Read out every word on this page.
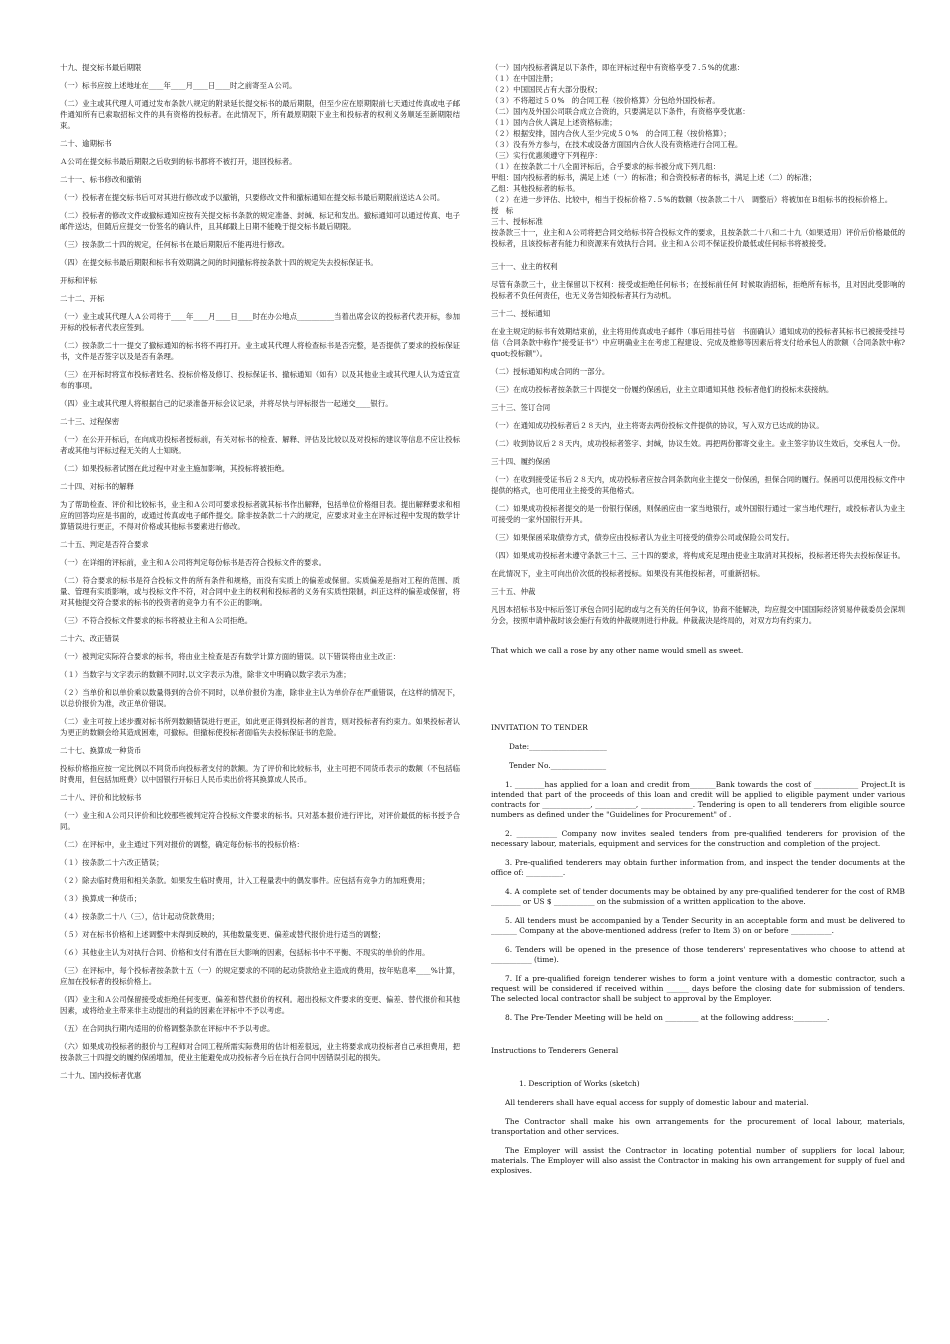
十九、提交标书最后期限

（一）标书应按上述地址在____年____月____日____时之前寄至Ａ公司。

（二）业主或其代理人可通过发布条款八规定的附录延长提交标书的最后期限，但至少应在原期限前七天通过传真或电子邮件通知所有已索取招标文件的具有资格的投标者。在此情况下，所有最原期限下业主和投标者的权利义务顺延至新期限结束。

二十、逾期标书

Ａ公司在提交标书最后期限之后收到的标书都将不被打开，退回投标者。

二十一、标书修改和撤销

（一）投标者在提交标书后可对其进行修改或予以撤销，只要修改文件和撤标通知在提交标书最后期限前送达Ａ公司。

（二）投标者的修改文件或撤标通知应按有关提交标书条款的规定准备、封缄、标记和发出。撤标通知可以通过传真、电子邮件送达，但随后应提交一份签名的确认件，且其邮戳上日期不能晚于提交标书最后期限。

（三）按条款二十四的规定，任何标书在最后期限后不能再进行修改。

（四）在提交标书最后期限和标书有效期满之间的时间撤标将按条款十四的规定失去投标保证书。

开标和评标

二十二、开标

（一）业主或其代理人Ａ公司将于____年____月____日____时在办公地点__________当着出席会议的投标者代表开标，参加开标的投标者代表应签到。

（二）按条款二十一提交了撤标通知的标书将不再打开。业主或其代理人将检查标书是否完整，是否提供了要求的投标保证书，文件是否签字以及是否有条理。

（三）在开标时将宣布投标者姓名、投标价格及修订、投标保证书、撤标通知（如有）以及其他业主或其代理人认为适宜宣布的事项。

（四）业主或其代理人将根据自己的记录准备开标会议记录，并将尽快与评标报告一起递交____银行。

二十三、过程保密

（一）在公开开标后，在向成功投标者授标前，有关对标书的检查、解释、评估及比较以及对投标的建议等信息不应让投标者或其他与评标过程无关的人士知晓。

（二）如果投标者试图在此过程中对业主施加影响，其投标将被拒绝。

二十四、对标书的解释

为了帮助检查、评价和比较标书，业主和Ａ公司可要求投标者就其标书作出解释，包括单位价格细目表。提出解释要求和相应的回答均应是书面的，或通过传真或电子邮件提交。除非按条款二十六的规定，应要求对业主在评标过程中发现的数学计算错误进行更正，不得对价格或其他标书要素进行修改。

二十五、判定是否符合要求

（一）在详细的评标前，业主和Ａ公司将判定每份标书是否符合投标文件的要求。

（二）符合要求的标书是符合投标文件的所有条件和规格，而没有实质上的偏差或保留。实质偏差是指对工程的范围、质量、管理有实质影响，或与投标文件不符，对合同中业主的权利和投标者的义务有实质性限制，纠正这样的偏差或保留，将对其他提交符合要求的标书的投资者的竞争力有不公正的影响。

（三）不符合投标文件要求的标书将被业主和Ａ公司拒绝。

二十六、改正错误

（一）被判定实际符合要求的标书，将由业主检查是否有数学计算方面的错误。以下错误将由业主改正：

（１）当数字与文字表示的数额不同时,以文字表示为准，除非文中明确以数字表示为准；

（２）当单价和以单价乘以数量得到的合价不同时，以单价报价为准，除非业主认为单价存在严重错误，在这样的情况下，以总价报价为准，改正单价错误。

（二）业主可按上述步骤对标书所列数额错误进行更正，如此更正得到投标者的首肯，则对投标者有约束力。如果投标者认为更正的数额会给其造成困难，可撤标。但撤标使投标者面临失去投标保证书的危险。

二十七、换算成一种货币

投标价格指应按一定比例以不同货币向投标者支付的款额。为了评价和比较标书，业主可把不同货币表示的数额（不包括临时费用，但包括加班费）以中国银行开标日人民币卖出价将其换算成人民币。

二十八、评价和比较标书

（一）业主和Ａ公司只评价和比较那些被判定符合投标文件要求的标书。只对基本报价进行评比，对评价最低的标书授予合同。

（二）在评标中，业主通过下列对报价的调整，确定每份标书的投标价格：

（１）按条款二十六改正错误；

（２）除去临时费用和相关条款。如果发生临时费用，计入工程量表中的偶发事件。应包括有竞争力的加班费用；

（３）换算成一种货币；

（４）按条款二十八（三），估计起动贷款费用；

（５）对在标书价格和上述调整中未得到反映的，其他数量变更、偏差或替代报价进行适当的调整；

（６）其他业主认为对执行合同、价格和支付有潜在巨大影响的因素，包括标书中不平衡、不现实的单价的作用。

（三）在评标中，每个投标者按条款十五（一）的规定要求的不同的起动贷款给业主造成的费用，按年贴息率____%计算，应加在投标者的投标价格上。

（四）业主和Ａ公司保留接受或拒绝任何变更、偏差和替代报价的权利。超出投标文件要求的变更、偏差、替代报价和其他因素，或将给业主带来非主动提出的利益的因素在评标中不予以考虑。

（五）在合同执行期内适用的价格调整条款在评标中不予以考虑。

（六）如果成功投标者的报价与工程师对合同工程所需实际费用的估计相差很远，业主将要求成功投标者自己承担费用，把按条款三十四提交的履约保函增加，使业主能避免成功投标者今后在执行合同中因错误引起的损失。

二十九、国内投标者优惠

（一）国内投标者满足以下条件，即在评标过程中有资格享受７.５%的优惠：

（１）在中国注册；

（２）中国国民占有大部分股权；

（３）不将超过５０%　的合同工程（按价格算）分包给外国投标者。

（二）国内及外国公司联合成立合资的，只要满足以下条件，有资格享受优惠：

（１）国内合伙人满足上述资格标准；

（２）根据安排，国内合伙人至少完成５０%　的合同工程（按价格算）；

（３）没有外方参与，在技术或设备方面国内合伙人没有资格进行合同工程。

（三）实行优惠须遵守下列程序：

（１）在按条款二十八全面评标后，合乎要求的标书被分成下列几组：

甲组：国内投标者的标书，满足上述（一）的标准；和合资投标者的标书，满足上述（二）的标准；

乙组：其他投标者的标书。

（２）在进一步评估、比较中，相当于投标价格７.５%的数额（按条款二十八　调整后）将被加在Ｂ组标书的投标价格上。

授　标

三十、授标标准

按条款三十一，业主和Ａ公司将把合同交给标书符合投标文件的要求，且按条款二十八和二十九（如果适用）评价后价格最低的投标者，且该投标者有能力和资源来有效执行合同。业主和Ａ公司不保证投价最低或任何标书将被接受。

三十一、业主的权利

尽管有条款三十，业主保留以下权利：接受或拒绝任何标书；在授标前任何 时候取消招标，拒绝所有标书，且对因此受影响的投标者不负任何责任，也无义务告知投标者其行为动机。

三十二、授标通知

在业主规定的标书有效期结束前，业主将用传真或电子邮件（事后用挂号信　书面确认）通知成功的投标者其标书已被接受挂号信（合同条款中称作"接受证书"）中应明确业主在考虑工程建设、完成及维修等因素后将支付给承包人的款额（合同条款中称?quot;投标额"）。

（二）授标通知构成合同的一部分。

（三）在成功投标者按条款三十四提交一份履约保函后，业主立即通知其他 投标者他们的投标未获接纳。

三十三、签订合同

（一）在通知成功投标者后２８天内，业主将寄去两份投标文件提供的协议，写入双方已达成的协议。

（二）收到协议后２８天内，成功投标者签字、封缄，协议生效。再把两份都寄交业主。业主签字协议生效后，交承包人一份。

三十四、履约保函

（一）在收到接受证书后２８天内，成功投标者应按合同条款向业主提交一份保函，担保合同的履行。保函可以使用投标文件中提供的格式，也可使用业主接受的其他格式。

（二）如果成功投标者提交的是一份银行保函，则保函应由一家当地银行，或外国银行通过一家当地代理行，或投标者认为业主可接受的一家外国银行开具。

（三）如果保函采取债券方式，债券应由投标者认为业主可接受的债券公司或保险公司发行。

（四）如果成功投标者未遵守条款三十三、三十四的要求，将构成充足理由使业主取消对其投标，投标者还将失去投标保证书。

在此情况下，业主可向出价次低的投标者授标。如果没有其他投标者，可重新招标。

三十五、仲裁

凡因本招标书及中标后签订承包合同引起的或与之有关的任何争议，协商不能解决，均应提交中国国际经济贸易仲裁委员会深圳分会，按照申请仲裁时该会施行有效的仲裁规则进行仲裁。仲裁裁决是终局的，对双方均有约束力。

That which we call a rose by any other name would smell as sweet.

INVITATION TO TENDER

Date:_____________________

Tender No._______________

1. ________has applied for a loan and credit from_______Bank towards the cost of ____________ Project.It is intended that part of the proceeds of this loan and credit will be applied to eligible payment under various contracts for _____________, ___________, ______________. Tendering is open to all tenderers from eligible source numbers as defined under the "Guidelines for Procurement" of .

2. ___________ Company now invites sealed tenders from pre-qualified tenderers for provision of the necessary labour, materials, equipment and services for the construction and completion of the project.

3. Pre-qualified tenderers may obtain further information from, and inspect the tender documents at the office of: __________.

4. A complete set of tender documents may be obtained by any pre-qualified tenderer for the cost of RMB ________ or US $ ___________ on the submission of a written application to the above.

5. All tenders must be accompanied by a Tender Security in an acceptable form and must be delivered to _______ Company at the above-mentioned address (refer to Item 3) on or before ___________.

6. Tenders will be opened in the presence of those tenderers' representatives who choose to attend at ___________ (time).

7. If a pre-qualified foreign tenderer wishes to form a joint venture with a domestic contractor, such a request will be considered if received within ______ days before the closing date for submission of tenders. The selected local contractor shall be subject to approval by the Employer.

8. The Pre-Tender Meeting will be held on _________ at the following address:_________.

Instructions to Tenderers General

1. Description of Works (sketch)

All tenderers shall have equal access for supply of domestic labour and material.

The Contractor shall make his own arrangements for the procurement of local labour, materials, transportation and other services.

The Employer will assist the Contractor in locating potential number of suppliers for local labour, materials. The Employer will also assist the Contractor in making his own arrangement for supply of fuel and explosives.
